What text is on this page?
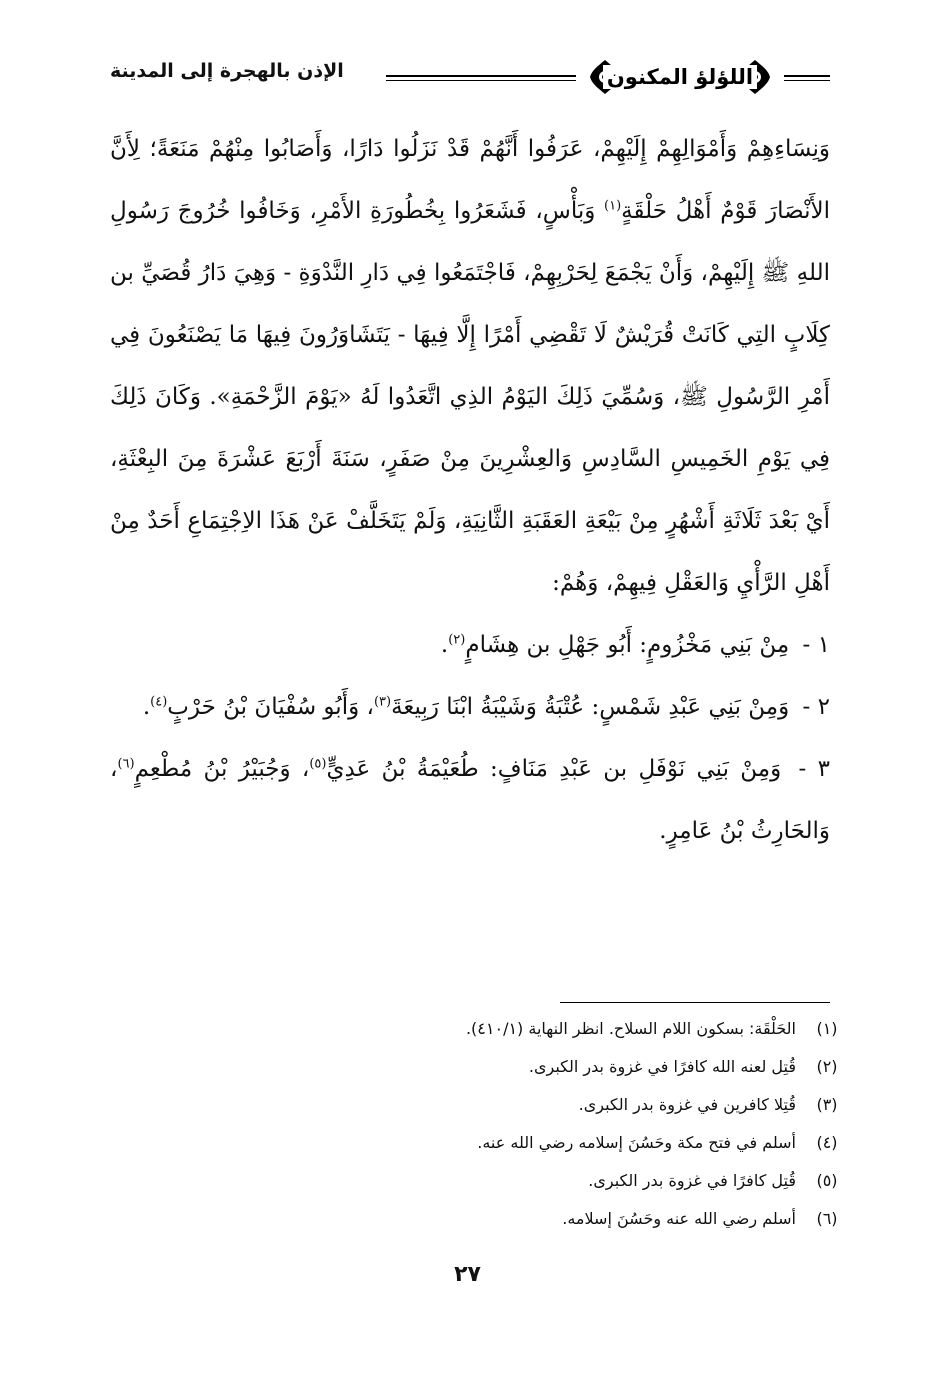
اللؤلؤ المكنون
الإذن بالهجرة إلى المدينة

وَنِسَاءِهِمْ وَأَمْوَالِهِمْ إِلَيْهِمْ، عَرَفُوا أَنَّهُمْ قَدْ نَزَلُوا دَارًا، وَأَصَابُوا مِنْهُمْ مَنَعَةً؛ لِأَنَّ الأَنْصَارَ قَوْمٌ أَهْلُ حَلْقَةٍ$^{(١)}$ وَبَأْسٍ، فَشَعَرُوا بِخُطُورَةِ الأَمْرِ، وَخَافُوا خُرُوجَ رَسُولِ اللهِ ﷺ إِلَيْهِمْ، وَأَنْ يَجْمَعَ لِحَرْبِهِمْ، فَاجْتَمَعُوا فِي دَارِ النَّدْوَةِ - وَهِيَ دَارُ قُصَيِّ بن كِلَابٍ التِي كَانَتْ قُرَيْشٌ لَا تَقْضِي أَمْرًا إِلَّا فِيهَا - يَتَشَاوَرُونَ فِيهَا مَا يَصْنَعُونَ فِي أَمْرِ الرَّسُولِ ﷺ، وَسُمِّيَ ذَلِكَ اليَوْمُ الذِي اتَّعَدُوا لَهُ «يَوْمَ الزَّحْمَةِ». وَكَانَ ذَلِكَ فِي يَوْمِ الخَمِيسِ السَّادِسِ وَالعِشْرِينَ مِنْ صَفَرٍ، سَنَةَ أَرْبَعَ عَشْرَةَ مِنَ البِعْثَةِ، أَيْ بَعْدَ ثَلَاثَةِ أَشْهُرٍ مِنْ بَيْعَةِ العَقَبَةِ الثَّانِيَةِ، وَلَمْ يَتَخَلَّفْ عَنْ هَذَا الاِجْتِمَاعِ أَحَدٌ مِنْ أَهْلِ الرَّأْيِ وَالعَقْلِ فِيهِمْ، وَهُمْ:

١ - مِنْ بَنِي مَخْزُومٍ: أَبُو جَهْلِ بن هِشَامٍ$^{(٢)}$.

٢ - وَمِنْ بَنِي عَبْدِ شَمْسٍ: عُتْبَةُ وَشَيْبَةُ ابْنَا رَبِيعَةَ$^{(٣)}$، وَأَبُو سُفْيَانَ بْنُ حَرْبٍ$^{(٤)}$.

٣ - وَمِنْ بَنِي نَوْفَلِ بن عَبْدِ مَنَافٍ: طُعَيْمَةُ بْنُ عَدِيٍّ$^{(٥)}$، وَجُبَيْرُ بْنُ مُطْعِمٍ$^{(٦)}$، وَالحَارِثُ بْنُ عَامِرٍ.

(١)
الحَلْقَة: بسكون اللام السلاح. انظر النهاية (٤١٠/١).
(٢)
قُتِل لعنه الله كافرًا في غزوة بدر الكبرى.
(٣)
قُتِلا كافرين في غزوة بدر الكبرى.
(٤)
أسلم في فتح مكة وحَسُنَ إسلامه رضي الله عنه.
(٥)
قُتِل كافرًا في غزوة بدر الكبرى.
(٦)
أسلم رضي الله عنه وحَسُنَ إسلامه.
٢٧
